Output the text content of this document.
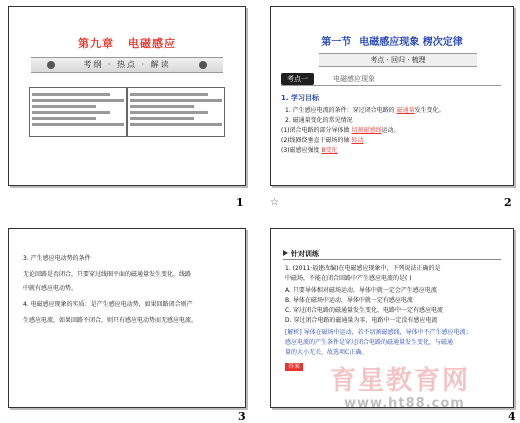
第九章 电磁感应
考纲 · 热点 · 解读
1
第一节 电磁感应现象 楞次定律
考点 · 回归 · 梳理
考点一	电磁感应现象
1. 学习目标
1. 产生感应电流的条件：穿过闭合电路的 磁通量发生变化。
2. 磁通量变化的常见情况
(1)闭合电路的部分导体做 切割磁感线运动。
(2)线圈绕垂直于磁场的轴 转动
(3)磁感应强度 B变化
☆	2
3. 产生感应电动势的条件
无论回路是否闭合，只要穿过线圈平面的磁通量发生变化，线路
中就有感应电动势。
4. 电磁感应现象的实质：是产生感应电动势，如果回路闭合则产
生感应电流，如果回路不闭合，则只有感应电动势而无感应电流。
3
针对训练
1. (2011·福建改编)在电磁感应现象中，下列说法正确的是
中磁场，不能在闭合回路中产生感应电流的是( )
A. 只要导体相对磁场运动，导体中就一定会产生感应电流
B. 导体在磁场中运动，导体中就一定有感应电流
C. 穿过闭合电路的磁通量发生变化，电路中一定有感应电流
D. 穿过闭合电路的磁通量为零，电路中一定没有感应电流
[解析] 导体在磁场中运动，若不切割磁感线，导体中不产生感应电流；
感应电流的产生条件是穿过闭合电路的磁通量发生变化，与磁通
量的大小无关，故选项C正确。
答案
4
育星教育网
www.ht88.com
